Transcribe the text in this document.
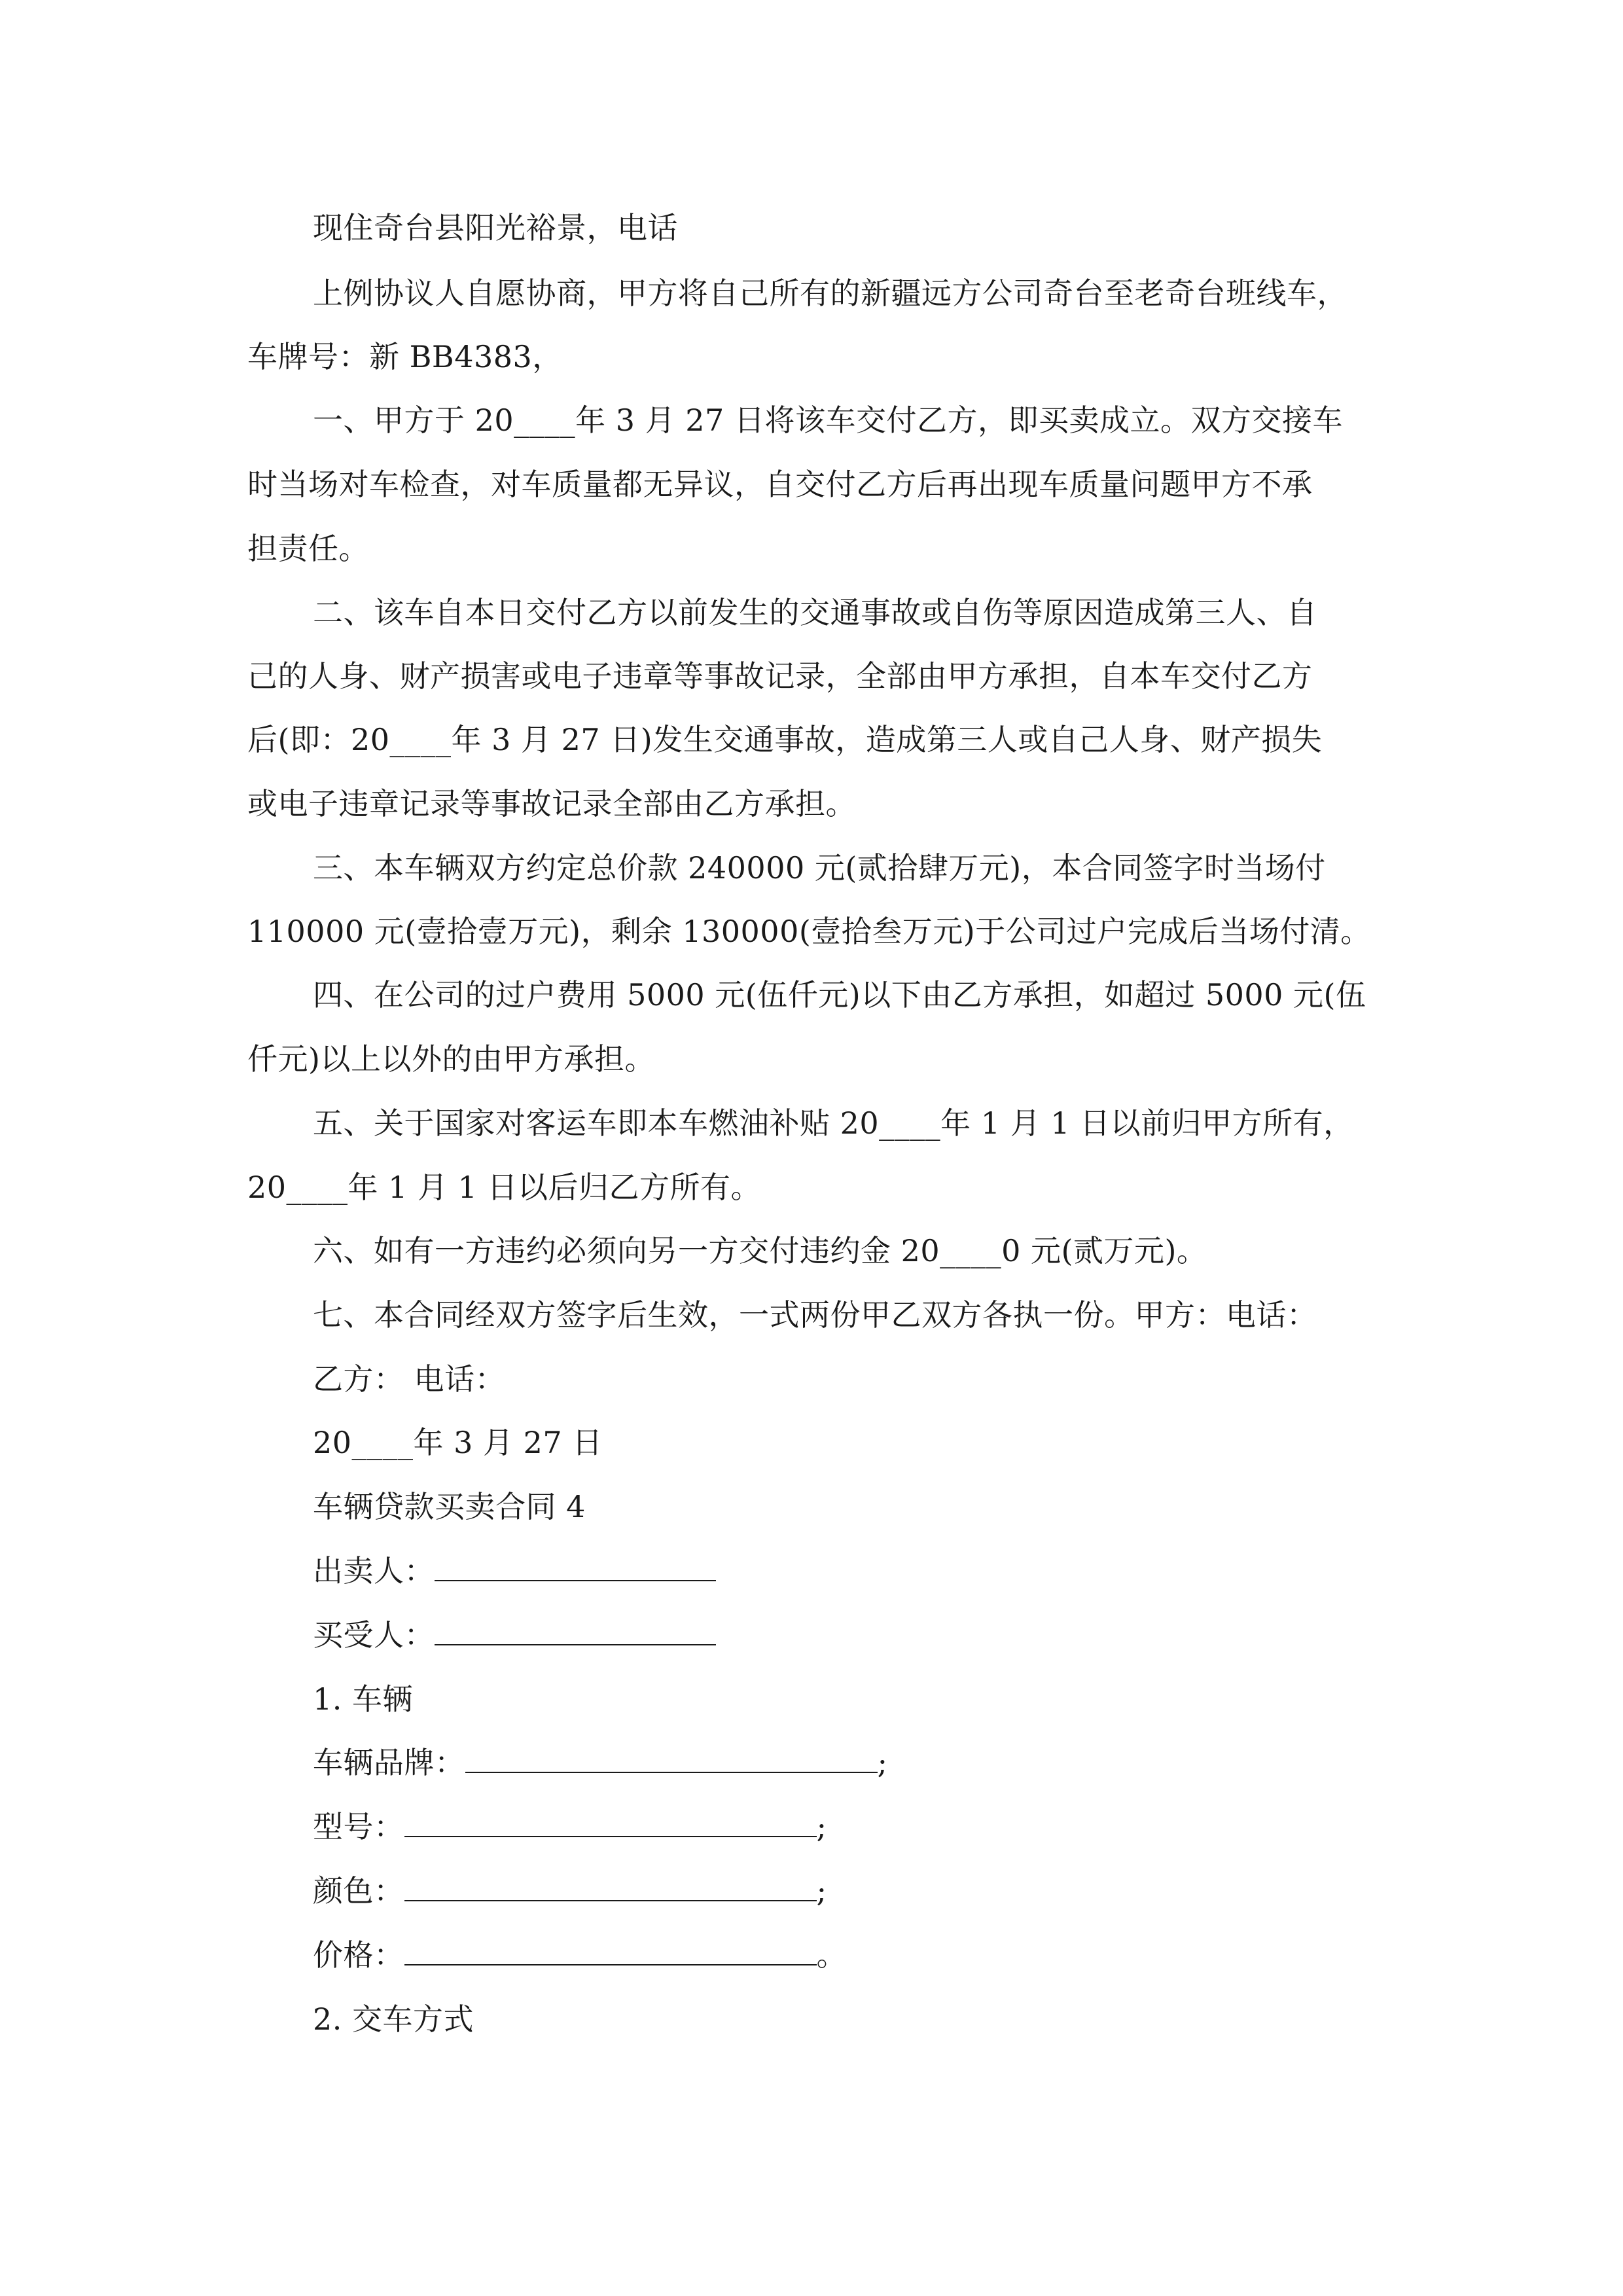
现住奇台县阳光裕景，电话
上例协议人自愿协商，甲方将自己所有的新疆远方公司奇台至老奇台班线车，
车牌号：新 BB4383，
一、甲方于 20____年 3 月 27 日将该车交付乙方，即买卖成立。双方交接车
时当场对车检查，对车质量都无异议，自交付乙方后再出现车质量问题甲方不承
担责任。
二、该车自本日交付乙方以前发生的交通事故或自伤等原因造成第三人、自
己的人身、财产损害或电子违章等事故记录，全部由甲方承担，自本车交付乙方
后(即：20____年 3 月 27 日)发生交通事故，造成第三人或自己人身、财产损失
或电子违章记录等事故记录全部由乙方承担。
三、本车辆双方约定总价款 240000 元(贰拾肆万元)，本合同签字时当场付
110000 元(壹拾壹万元)，剩余 130000(壹拾叁万元)于公司过户完成后当场付清。
四、在公司的过户费用 5000 元(伍仟元)以下由乙方承担，如超过 5000 元(伍
仟元)以上以外的由甲方承担。
五、关于国家对客运车即本车燃油补贴 20____年 1 月 1 日以前归甲方所有，
20____年 1 月 1 日以后归乙方所有。
六、如有一方违约必须向另一方交付违约金 20____0 元(贰万元)。
七、本合同经双方签字后生效，一式两份甲乙双方各执一份。甲方：电话：
乙方： 电话：
20____年 3 月 27 日
车辆贷款买卖合同 4
出卖人：
买受人：
1. 车辆
车辆品牌：	;
型号：	;
颜色：	;
价格：	。
2. 交车方式
